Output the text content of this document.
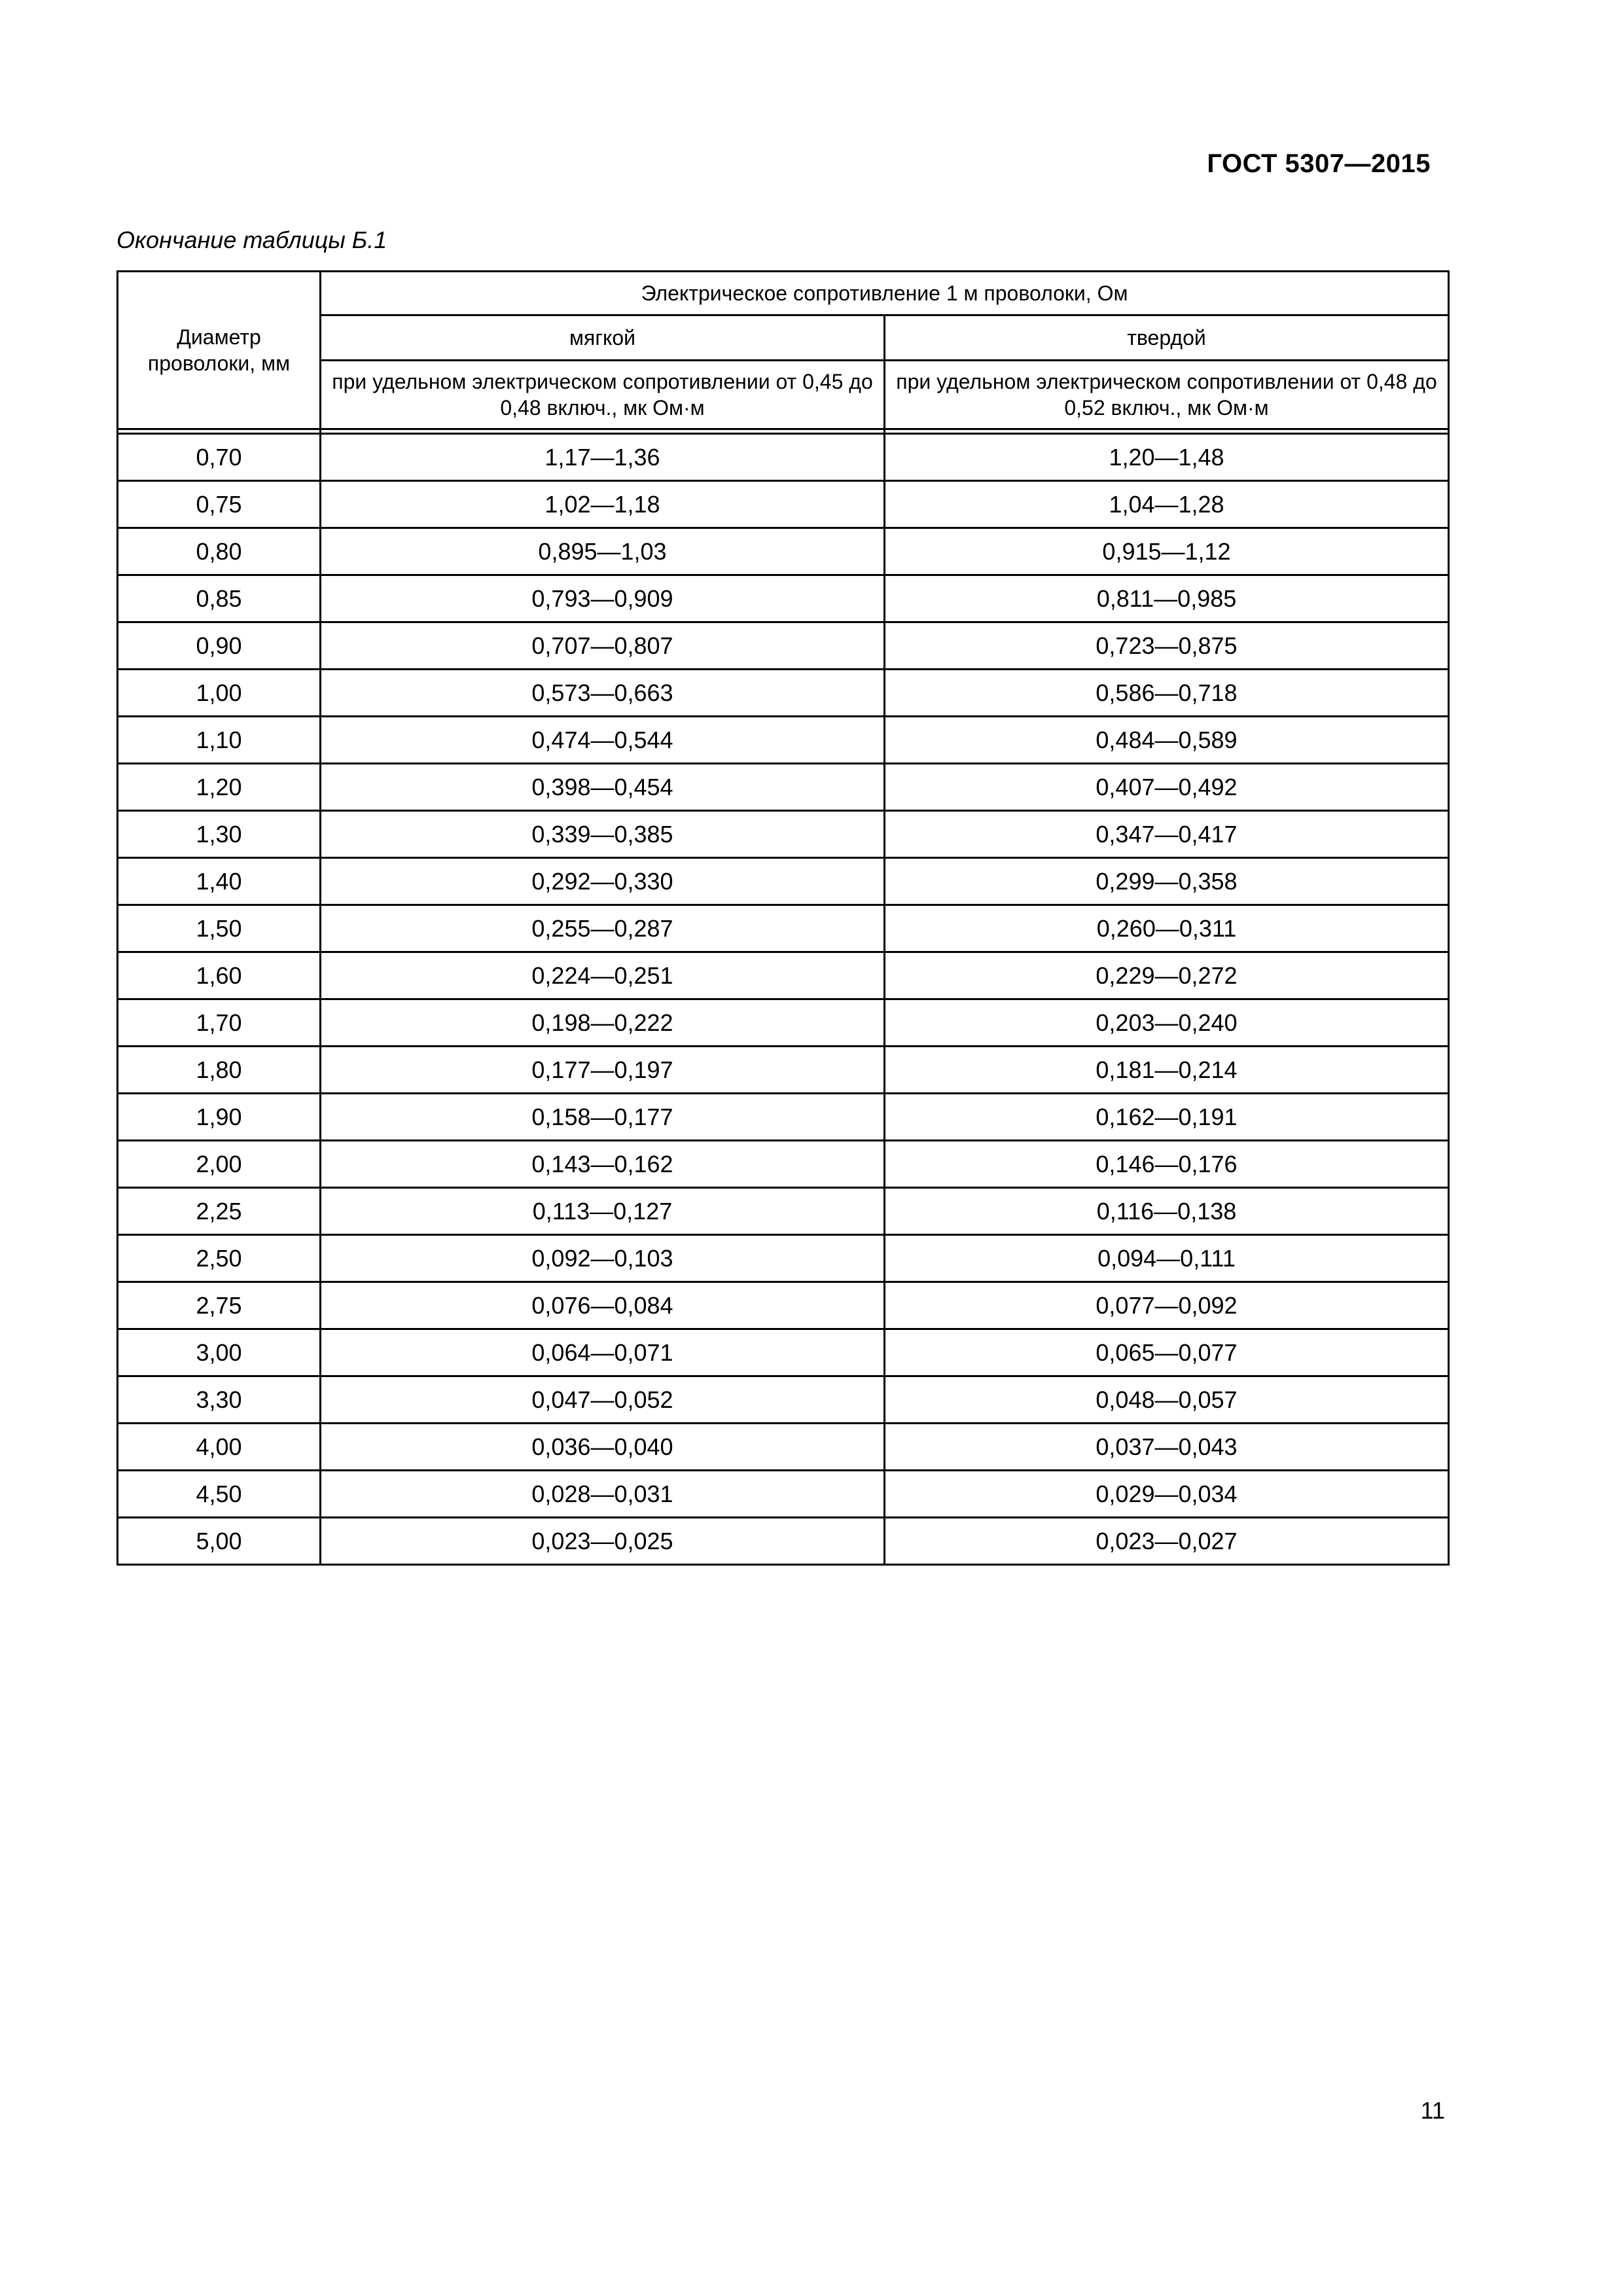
ГОСТ 5307—2015
Окончание таблицы Б.1
Диаметр проволоки, мм	Электрическое сопротивление 1 м проволоки, Ом	
	мягкой	твердой
	при удельном электрическом сопротивлении от 0,45 до 0,48 включ., мк Ом·м	при удельном электрическом сопротивлении от 0,48 до 0,52 включ., мк Ом·м

0,70	1,17—1,36	1,20—1,48
0,75	1,02—1,18	1,04—1,28
0,80	0,895—1,03	0,915—1,12
0,85	0,793—0,909	0,811—0,985
0,90	0,707—0,807	0,723—0,875
1,00	0,573—0,663	0,586—0,718
1,10	0,474—0,544	0,484—0,589
1,20	0,398—0,454	0,407—0,492
1,30	0,339—0,385	0,347—0,417
1,40	0,292—0,330	0,299—0,358
1,50	0,255—0,287	0,260—0,311
1,60	0,224—0,251	0,229—0,272
1,70	0,198—0,222	0,203—0,240
1,80	0,177—0,197	0,181—0,214
1,90	0,158—0,177	0,162—0,191
2,00	0,143—0,162	0,146—0,176
2,25	0,113—0,127	0,116—0,138
2,50	0,092—0,103	0,094—0,111
2,75	0,076—0,084	0,077—0,092
3,00	0,064—0,071	0,065—0,077
3,30	0,047—0,052	0,048—0,057
4,00	0,036—0,040	0,037—0,043
4,50	0,028—0,031	0,029—0,034
5,00	0,023—0,025	0,023—0,027
11
